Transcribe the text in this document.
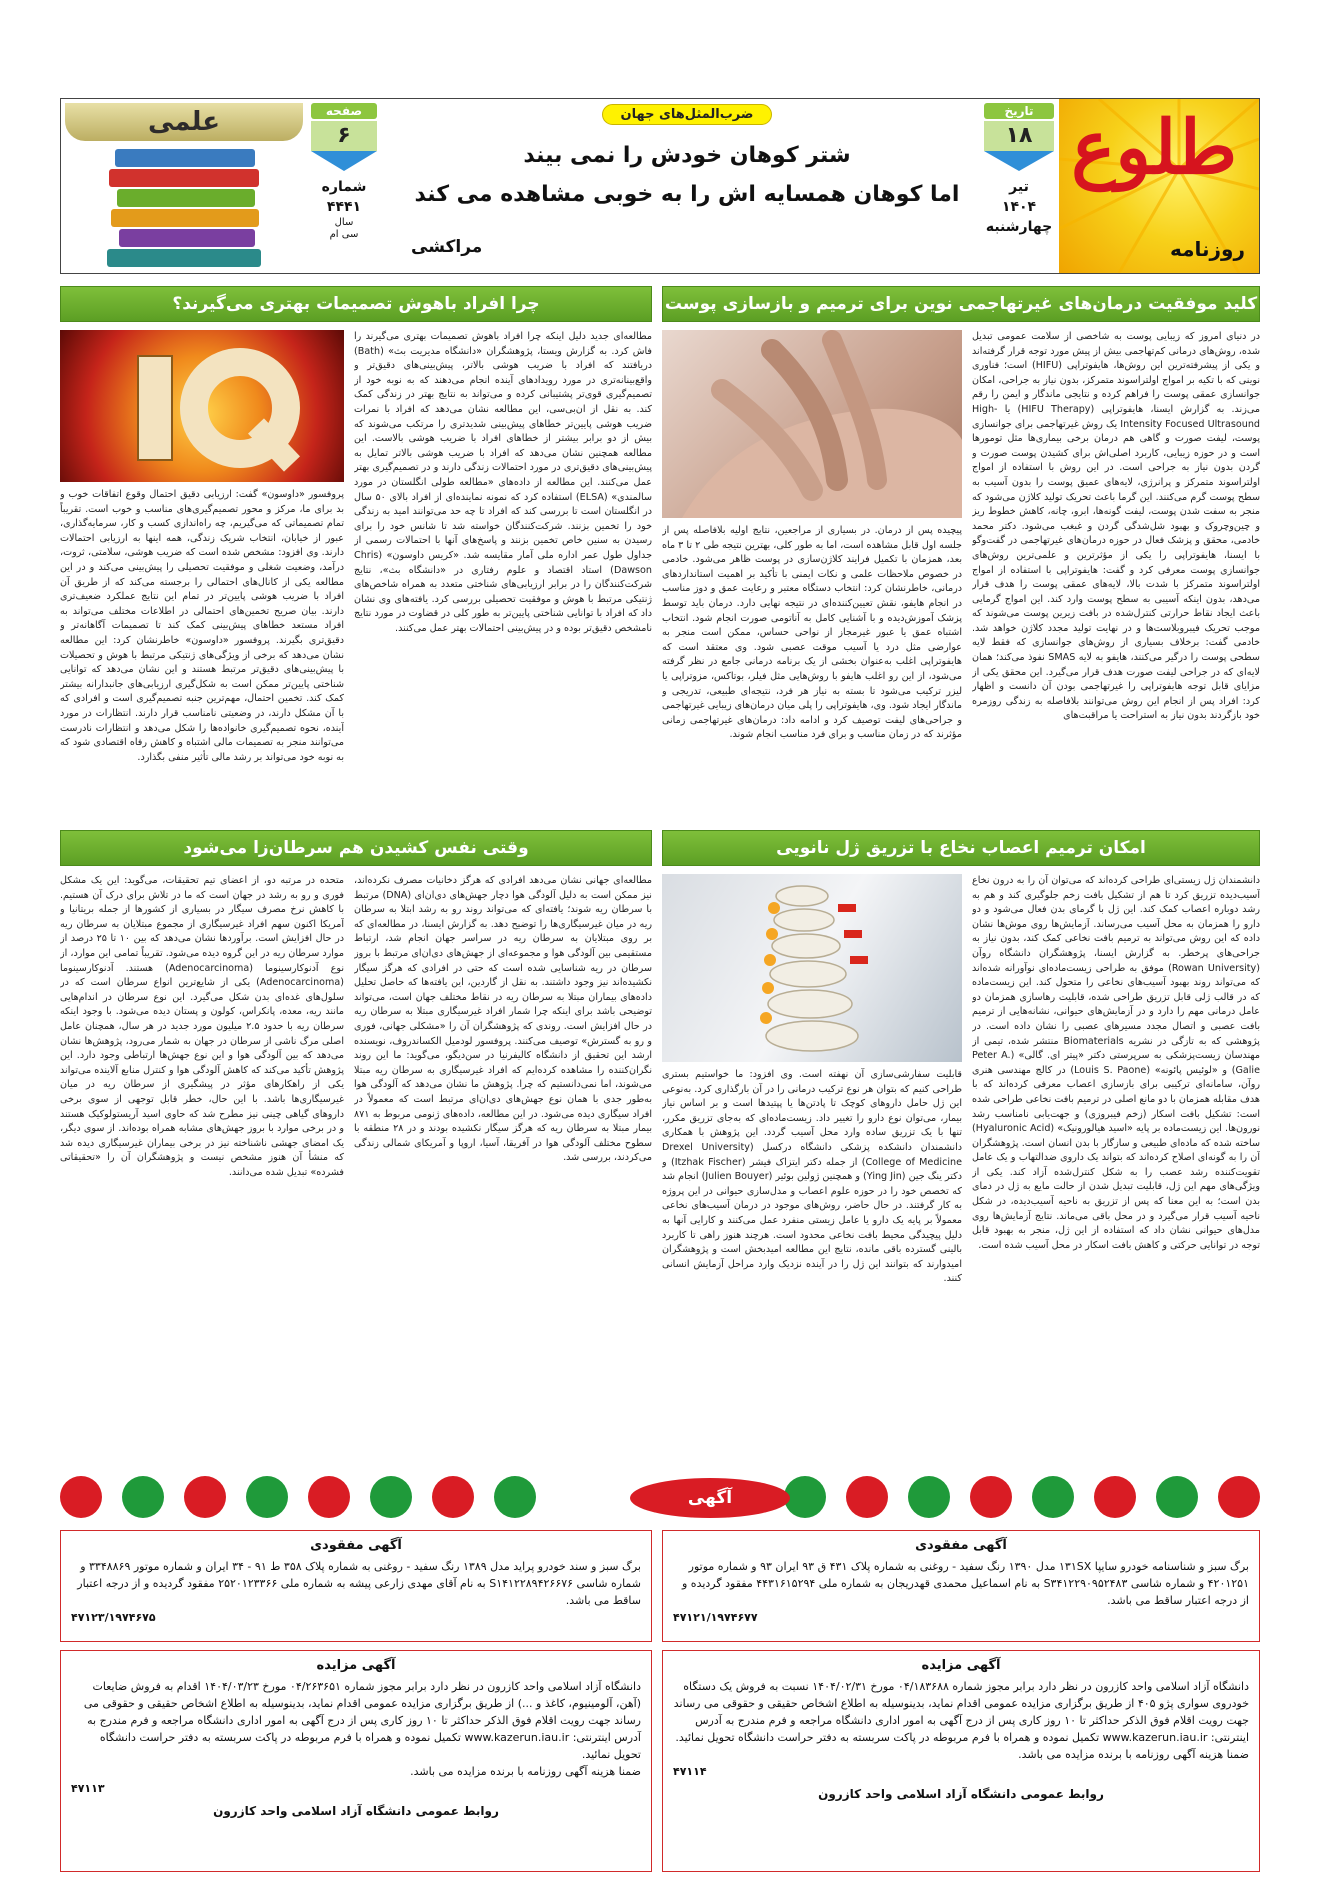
طلوع
روزنامه
تاریخ
۱۸
تیر
۱۴۰۴
چهارشنبه
ضرب‌المثل‌های جهان
شتر کوهان خودش را نمی بیند
اما کوهان همسایه اش را به خوبی مشاهده می کند
مراکشی
صفحه
۶
شماره
۴۴۴۱
سال
سی ام
علمی
کلید موفقیت درمان‌های غیرتهاجمی نوین برای ترمیم و بازسازی پوست
در دنیای امروز که زیبایی پوست به شاخصی از سلامت عمومی تبدیل شده، روش‌های درمانی کم‌تهاجمی بیش از پیش مورد توجه قرار گرفته‌اند و یکی از پیشرفته‌ترین این روش‌ها، هایفوتراپی (HIFU) است؛ فناوری نوینی که با تکیه بر امواج اولتراسوند متمرکز، بدون نیاز به جراحی، امکان جوانسازی عمقی پوست را فراهم کرده و نتایجی ماندگار و ایمن را رقم می‌زند. به گزارش ایسنا، هایفوتراپی (HIFU Therapy) یا High-Intensity Focused Ultrasound یک روش غیرتهاجمی برای جوانسازی پوست، لیفت صورت و گاهی هم درمان برخی بیماری‌ها مثل تومورها است و در حوزه زیبایی، کاربرد اصلی‌اش برای کشیدن پوست صورت و گردن بدون نیاز به جراحی است. در این روش با استفاده از امواج اولتراسوند متمرکز و پرانرژی، لایه‌های عمیق پوست را بدون آسیب به سطح پوست گرم می‌کنند. این گرما باعث تحریک تولید کلاژن می‌شود که منجر به سفت شدن پوست، لیفت گونه‌ها، ابرو، چانه، کاهش خطوط ریز و چین‌وچروک و بهبود شل‌شدگی گردن و غبغب می‌شود. دکتر محمد خادمی، محقق و پزشک فعال در حوزه درمان‌های غیرتهاجمی در گفت‌وگو با ایسنا، هایفوتراپی را یکی از مؤثرترین و علمی‌ترین روش‌های جوانسازی پوست معرفی کرد و گفت: هایفوتراپی با استفاده از امواج اولتراسوند متمرکز با شدت بالا، لایه‌های عمقی پوست را هدف قرار می‌دهد، بدون اینکه آسیبی به سطح پوست وارد کند. این امواج گرمایی باعث ایجاد نقاط حرارتی کنترل‌شده در بافت زیرین پوست می‌شوند که موجب تحریک فیبروبلاست‌ها و در نهایت تولید مجدد کلاژن خواهد شد. خادمی گفت: برخلاف بسیاری از روش‌های جوانسازی که فقط لایه سطحی پوست را درگیر می‌کنند، هایفو به لایه SMAS نفوذ می‌کند؛ همان لایه‌ای که در جراحی لیفت صورت هدف قرار می‌گیرد. این محقق یکی از مزایای قابل توجه هایفوتراپی را غیرتهاجمی بودن آن دانست و اظهار کرد: افراد پس از انجام این روش می‌توانند بلافاصله به زندگی روزمره خود بازگردند بدون نیاز به استراحت یا مراقبت‌های
پیچیده پس از درمان. در بسیاری از مراجعین، نتایج اولیه بلافاصله پس از جلسه اول قابل مشاهده است، اما به طور کلی، بهترین نتیجه طی ۲ تا ۳ ماه بعد، همزمان با تکمیل فرایند کلاژن‌سازی در پوست ظاهر می‌شود. خادمی در خصوص ملاحظات علمی و نکات ایمنی با تأکید بر اهمیت استانداردهای درمانی، خاطرنشان کرد: انتخاب دستگاه معتبر و رعایت عمق و دوز مناسب در انجام هایفو، نقش تعیین‌کننده‌ای در نتیجه نهایی دارد. درمان باید توسط پزشک آموزش‌دیده و با آشنایی کامل به آناتومی صورت انجام شود. انتخاب اشتباه عمق یا عبور غیرمجاز از نواحی حساس، ممکن است منجر به عوارضی مثل درد یا آسیب موقت عصبی شود. وی معتقد است که هایفوتراپی اغلب به‌عنوان بخشی از یک برنامه درمانی جامع در نظر گرفته می‌شود، از این رو اغلب هایفو با روش‌هایی مثل فیلر، بوتاکس، مزوتراپی یا لیزر ترکیب می‌شود تا بسته به نیاز هر فرد، نتیجه‌ای طبیعی، تدریجی و ماندگار ایجاد شود. وی، هایفوتراپی را پلی میان درمان‌های زیبایی غیرتهاجمی و جراحی‌های لیفت توصیف کرد و ادامه داد: درمان‌های غیرتهاجمی زمانی مؤثرند که در زمان مناسب و برای فرد مناسب انجام شوند.
چرا افراد باهوش تصمیمات بهتری می‌گیرند؟
مطالعه‌ای جدید دلیل اینکه چرا افراد باهوش تصمیمات بهتری می‌گیرند را فاش کرد. به گزارش ویستا، پژوهشگران «دانشگاه مدیریت بث» (Bath) دریافتند که افراد با ضریب هوشی بالاتر، پیش‌بینی‌های دقیق‌تر و واقع‌بینانه‌تری در مورد رویدادهای آینده انجام می‌دهند که به نوبه خود از تصمیم‌گیری قوی‌تر پشتیبانی کرده و می‌تواند به نتایج بهتر در زندگی کمک کند. به نقل از ان‌بی‌سی، این مطالعه نشان می‌دهد که افراد با نمرات ضریب هوشی پایین‌تر خطاهای پیش‌بینی شدیدتری را مرتکب می‌شوند که بیش از دو برابر بیشتر از خطاهای افراد با ضریب هوشی بالاست. این مطالعه همچنین نشان می‌دهد که افراد با ضریب هوشی بالاتر تمایل به پیش‌بینی‌های دقیق‌تری در مورد احتمالات زندگی دارند و در تصمیم‌گیری بهتر عمل می‌کنند. این مطالعه از داده‌های «مطالعه طولی انگلستان در مورد سالمندی» (ELSA) استفاده کرد که نمونه نماینده‌ای از افراد بالای ۵۰ سال در انگلستان است تا بررسی کند که افراد تا چه حد می‌توانند امید به زندگی خود را تخمین بزنند. شرکت‌کنندگان خواسته شد تا شانس خود را برای رسیدن به سنین خاص تخمین بزنند و پاسخ‌های آنها با احتمالات رسمی از جداول طول عمر اداره ملی آمار مقایسه شد. «کریس داوسون» (Chris Dawson) استاد اقتصاد و علوم رفتاری در «دانشگاه بث»، نتایج شرکت‌کنندگان را در برابر ارزیابی‌های شناختی متعدد به همراه شاخص‌های ژنتیکی مرتبط با هوش و موفقیت تحصیلی بررسی کرد. یافته‌های وی نشان داد که افراد با توانایی شناختی پایین‌تر به طور کلی در قضاوت در مورد نتایج نامشخص دقیق‌تر بوده و در پیش‌بینی احتمالات بهتر عمل می‌کنند.
پروفسور «داوسون» گفت: ارزیابی دقیق احتمال وقوع اتفاقات خوب و بد برای ما، مرکز و محور تصمیم‌گیری‌های مناسب و خوب است. تقریباً تمام تصمیماتی که می‌گیریم، چه راه‌اندازی کسب و کار، سرمایه‌گذاری، عبور از خیابان، انتخاب شریک زندگی، همه اینها به ارزیابی احتمالات دارند. وی افزود: مشخص شده است که ضریب هوشی، سلامتی، ثروت، درآمد، وضعیت شغلی و موفقیت تحصیلی را پیش‌بینی می‌کند و در این مطالعه یکی از کانال‌های احتمالی را برجسته می‌کند که از طریق آن افراد با ضریب هوشی پایین‌تر در تمام این نتایج عملکرد ضعیف‌تری دارند. بیان صریح تخمین‌های احتمالی در اطلاعات مختلف می‌تواند به افراد مستعد خطاهای پیش‌بینی کمک کند تا تصمیمات آگاهانه‌تر و دقیق‌تری بگیرند. پروفسور «داوسون» خاطرنشان کرد: این مطالعه نشان می‌دهد که برخی از ویژگی‌های ژنتیکی مرتبط با هوش و تحصیلات با پیش‌بینی‌های دقیق‌تر مرتبط هستند و این نشان می‌دهد که توانایی شناختی پایین‌تر ممکن است به شکل‌گیری ارزیابی‌های جانبدارانه بیشتر کمک کند. تخمین احتمال، مهم‌ترین جنبه تصمیم‌گیری است و افرادی که با آن مشکل دارند، در وضعیتی نامناسب قرار دارند. انتظارات در مورد آینده، نحوه تصمیم‌گیری خانواده‌ها را شکل می‌دهد و انتظارات نادرست می‌توانند منجر به تصمیمات مالی اشتباه و کاهش رفاه اقتصادی شود که به نوبه خود می‌تواند بر رشد مالی تأثیر منفی بگذارد.
امکان ترمیم اعصاب نخاع با تزریق ژل نانویی
دانشمندان ژل زیستی‌ای طراحی کرده‌اند که می‌توان آن را به درون نخاع آسیب‌دیده تزریق کرد تا هم از تشکیل بافت زخم جلوگیری کند و هم به رشد دوباره اعصاب کمک کند. این ژل با گرمای بدن فعال می‌شود و دو دارو را همزمان به محل آسیب می‌رساند. آزمایش‌ها روی موش‌ها نشان داده که این روش می‌تواند به ترمیم بافت نخاعی کمک کند، بدون نیاز به جراحی‌های پرخطر. به گزارش ایسنا، پژوهشگران دانشگاه روآن (Rowan University) موفق به طراحی زیست‌ماده‌ای نوآورانه شده‌اند که می‌تواند روند بهبود آسیب‌های نخاعی را متحول کند. این زیست‌ماده که در قالب ژلی قابل تزریق طراحی شده، قابلیت رهاسازی همزمان دو عامل درمانی مهم را دارد و در آزمایش‌های حیوانی، نشانه‌هایی از ترمیم بافت عصبی و اتصال مجدد مسیرهای عصبی را نشان داده است. در پژوهشی که به تازگی در نشریه Biomaterials منتشر شده، تیمی از مهندسان زیست‌پزشکی به سرپرستی دکتر «پیتر ای. گالی» (Peter A. Galie) و «لوئیس پائونه» (Louis S. Paone) در کالج مهندسی هنری روآن، سامانه‌ای ترکیبی برای بازسازی اعصاب معرفی کرده‌اند که با هدف مقابله همزمان با دو مانع اصلی در ترمیم بافت نخاعی طراحی شده است: تشکیل بافت اسکار (زخم فیبروزی) و جهت‌یابی نامناسب رشد نورون‌ها. این زیست‌ماده بر پایه «اسید هیالورونیک» (Hyaluronic Acid) ساخته شده که ماده‌ای طبیعی و سازگار با بدن انسان است. پژوهشگران آن را به گونه‌ای اصلاح کرده‌اند که بتواند یک داروی ضدالتهاب و یک عامل تقویت‌کننده رشد عصب را به شکل کنترل‌شده آزاد کند. یکی از ویژگی‌های مهم این ژل، قابلیت تبدیل شدن از حالت مایع به ژل در دمای بدن است؛ به این معنا که پس از تزریق به ناحیه آسیب‌دیده، در شکل ناحیه آسیب قرار می‌گیرد و در محل باقی می‌ماند. نتایج آزمایش‌ها روی مدل‌های حیوانی نشان داد که استفاده از این ژل، منجر به بهبود قابل توجه در توانایی حرکتی و کاهش بافت اسکار در محل آسیب شده است.
قابلیت سفارشی‌سازی آن نهفته است. وی افزود: ما خواستیم بستری طراحی کنیم که بتوان هر نوع ترکیب درمانی را در آن بارگذاری کرد. به‌نوعی این ژل حامل داروهای کوچک تا پادتن‌ها یا پپتیدها است و بر اساس نیاز بیمار، می‌توان نوع دارو را تغییر داد. زیست‌ماده‌ای که به‌جای تزریق مکرر، تنها با یک تزریق ساده وارد محل آسیب گردد. این پژوهش با همکاری دانشمندان دانشکده پزشکی دانشگاه درکسل (Drexel University College of Medicine) از جمله دکتر ایتزاک فیشر (Itzhak Fischer) و دکتر ینگ جین (Ying Jin) و همچنین ژولین بوئیر (Julien Bouyer) انجام شد که تخصص خود را در حوزه علوم اعصاب و مدل‌سازی حیوانی در این پروژه به کار گرفتند. در حال حاضر، روش‌های موجود در درمان آسیب‌های نخاعی معمولاً بر پایه یک دارو یا عامل زیستی منفرد عمل می‌کنند و کارایی آنها به دلیل پیچیدگی محیط بافت نخاعی محدود است. هرچند هنوز راهی تا کاربرد بالینی گسترده باقی مانده، نتایج این مطالعه امیدبخش است و پژوهشگران امیدوارند که بتوانند این ژل را در آینده نزدیک وارد مراحل آزمایش انسانی کنند.
وقتی نفس کشیدن هم سرطان‌زا می‌شود
مطالعه‌ای جهانی نشان می‌دهد افرادی که هرگز دخانیات مصرف نکرده‌اند، نیز ممکن است به دلیل آلودگی هوا دچار جهش‌های دی‌ان‌ای (DNA) مرتبط با سرطان ریه شوند؛ یافته‌ای که می‌تواند روند رو به رشد ابتلا به سرطان ریه در میان غیرسیگاری‌ها را توضیح دهد. به گزارش ایسنا، در مطالعه‌ای که بر روی مبتلایان به سرطان ریه در سراسر جهان انجام شد، ارتباط مستقیمی بین آلودگی هوا و مجموعه‌ای از جهش‌های دی‌ان‌ای مرتبط با بروز سرطان در ریه شناسایی شده است که حتی در افرادی که هرگز سیگار نکشیده‌اند نیز وجود داشتند. به نقل از گاردین، این یافته‌ها که حاصل تحلیل داده‌های بیماران مبتلا به سرطان ریه در نقاط مختلف جهان است، می‌تواند توضیحی باشد برای اینکه چرا شمار افراد غیرسیگاری مبتلا به سرطان ریه در حال افزایش است. روندی که پژوهشگران آن را «مشکلی جهانی، فوری و رو به گسترش» توصیف می‌کنند. پروفسور لودمیل الکساندروف، نویسنده ارشد این تحقیق از دانشگاه کالیفرنیا در سن‌دیگو، می‌گوید: ما این روند نگران‌کننده را مشاهده کرده‌ایم که افراد غیرسیگاری به سرطان ریه مبتلا می‌شوند، اما نمی‌دانستیم که چرا. پژوهش ما نشان می‌دهد که آلودگی هوا به‌طور جدی با همان نوع جهش‌های دی‌ان‌ای مرتبط است که معمولاً در افراد سیگاری دیده می‌شود. در این مطالعه، داده‌های ژنومی مربوط به ۸۷۱ بیمار مبتلا به سرطان ریه که هرگز سیگار نکشیده بودند و در ۲۸ منطقه با سطوح مختلف آلودگی هوا در آفریقا، آسیا، اروپا و آمریکای شمالی زندگی می‌کردند، بررسی شد.
متحده در مرتبه دو، از اعضای تیم تحقیقات، می‌گوید: این یک مشکل فوری و رو به رشد در جهان است که ما در تلاش برای درک آن هستیم. با کاهش نرخ مصرف سیگار در بسیاری از کشورها از جمله بریتانیا و آمریکا اکنون سهم افراد غیرسیگاری از مجموع مبتلایان به سرطان ریه در حال افزایش است. برآوردها نشان می‌دهد که بین ۱۰ تا ۲۵ درصد از موارد سرطان ریه در این گروه دیده می‌شود. تقریباً تمامی این موارد، از نوع آدنوکارسینوما (Adenocarcinoma) هستند. آدنوکارسینوما (Adenocarcinoma) یکی از شایع‌ترین انواع سرطان است که در سلول‌های غده‌ای بدن شکل می‌گیرد. این نوع سرطان در اندام‌هایی مانند ریه، معده، پانکراس، کولون و پستان دیده می‌شود. با وجود اینکه سرطان ریه با حدود ۲.۵ میلیون مورد جدید در هر سال، همچنان عامل اصلی مرگ ناشی از سرطان در جهان به شمار می‌رود، پژوهش‌ها نشان می‌دهد که بین آلودگی هوا و این نوع جهش‌ها ارتباطی وجود دارد. این پژوهش تأکید می‌کند که کاهش آلودگی هوا و کنترل منابع آلاینده می‌تواند یکی از راهکارهای مؤثر در پیشگیری از سرطان ریه در میان غیرسیگاری‌ها باشد. با این حال، خطر قابل توجهی از سوی برخی داروهای گیاهی چینی نیز مطرح شد که حاوی اسید آریستولوکیک هستند و در برخی موارد با بروز جهش‌های مشابه همراه بوده‌اند. از سوی دیگر، یک امضای جهشی ناشناخته نیز در برخی بیماران غیرسیگاری دیده شد که منشأ آن هنوز مشخص نیست و پژوهشگران آن را «تحقیقاتی فشرده» تبدیل شده می‌دانند.
آگهی
آگهی مفقودی

برگ سبز و شناسنامه خودرو سایپا ۱۳۱SX مدل ۱۳۹۰ رنگ سفید - روغنی به شماره پلاک ۴۳۱ ق ۹۳ ایران ۹۳ و شماره موتور ۴۲۰۱۲۵۱ و شماره شاسی S۳۴۱۲۲۹۰۹۵۲۴۸۳ به نام اسماعیل محمدی قهدریجان به شماره ملی ۴۴۳۱۶۱۵۲۹۴ مفقود گردیده و از درجه اعتبار ساقط می باشد.

۴۷۱۲۱/۱۹۷۴۶۷۷
آگهی مفقودی

برگ سبز و سند خودرو پراید مدل ۱۳۸۹ رنگ سفید - روغنی به شماره پلاک ۳۵۸ ط ۹۱ - ۳۴ ایران و شماره موتور ۳۳۴۸۸۶۹ و شماره شاسی S۱۴۱۲۲۸۹۴۲۶۶۷۶ به نام آقای مهدی زارعی پیشه به شماره ملی ۲۵۲۰۱۲۳۳۶۶ مفقود گردیده و از درجه اعتبار ساقط می باشد.

۴۷۱۲۳/۱۹۷۴۶۷۵
آگهی مزایده

دانشگاه آزاد اسلامی واحد کازرون در نظر دارد برابر مجوز شماره ۰۴/۱۸۳۶۸۸ مورخ ۱۴۰۴/۰۲/۳۱ نسبت به فروش یک دستگاه خودروی سواری پژو ۴۰۵ از طریق برگزاری مزایده عمومی اقدام نماید، بدینوسیله به اطلاع اشخاص حقیقی و حقوقی می رساند جهت رویت اقلام فوق الذکر حداکثر تا ۱۰ روز کاری پس از درج آگهی به امور اداری دانشگاه مراجعه و فرم مندرج به آدرس اینترنتی: www.kazerun.iau.ir تکمیل نموده و همراه با فرم مربوطه در پاکت سربسته به دفتر حراست دانشگاه تحویل نمائید.

ضمنا هزینه آگهی روزنامه با برنده مزایده می باشد.

۴۷۱۱۴
روابط عمومی دانشگاه آزاد اسلامی واحد کازرون
آگهی مزایده

دانشگاه آزاد اسلامی واحد کازرون در نظر دارد برابر مجوز شماره ۰۴/۲۶۳۶۵۱ مورخ ۱۴۰۴/۰۳/۲۳ اقدام به فروش ضایعات (آهن، آلومینیوم، کاغذ و ...) از طریق برگزاری مزایده عمومی اقدام نماید، بدینوسیله به اطلاع اشخاص حقیقی و حقوقی می رساند جهت رویت اقلام فوق الذکر حداکثر تا ۱۰ روز کاری پس از درج آگهی به امور اداری دانشگاه مراجعه و فرم مندرج به آدرس اینترنتی: www.kazerun.iau.ir تکمیل نموده و همراه با فرم مربوطه در پاکت سربسته به دفتر حراست دانشگاه تحویل نمائید.

ضمنا هزینه آگهی روزنامه با برنده مزایده می باشد.

۴۷۱۱۳
روابط عمومی دانشگاه آزاد اسلامی واحد کازرون
